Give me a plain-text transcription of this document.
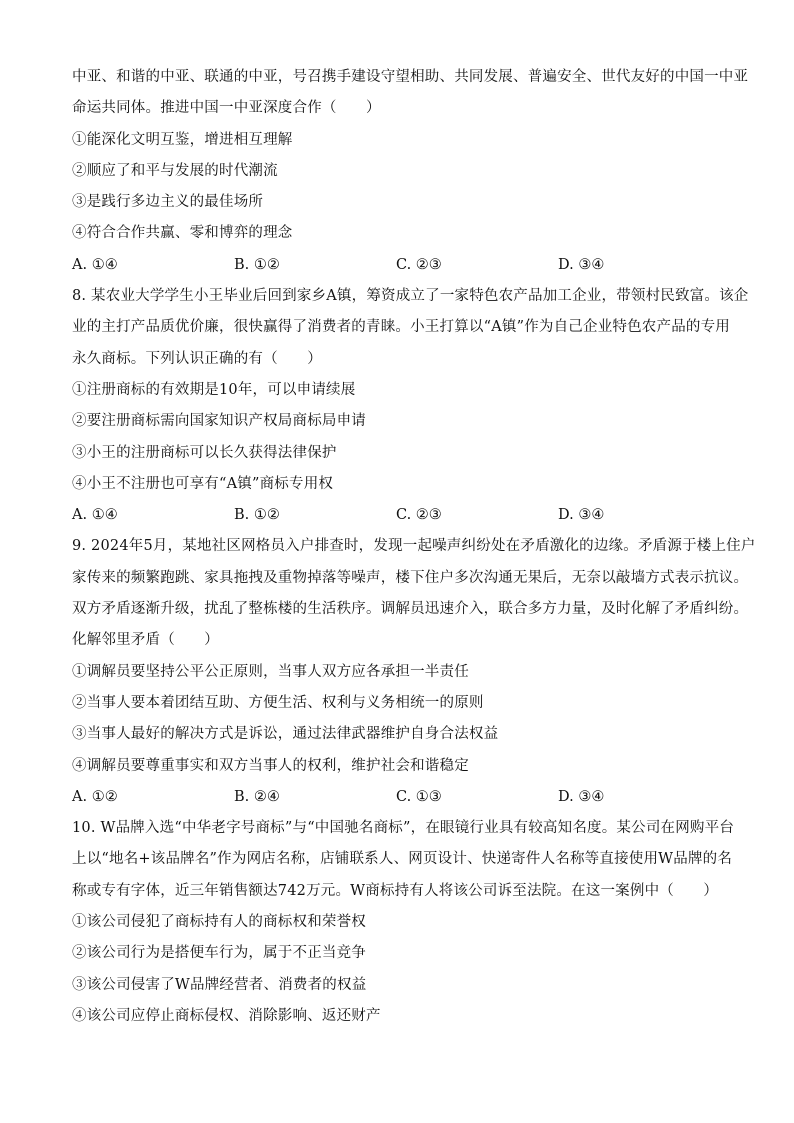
中亚、和谐的中亚、联通的中亚，号召携手建设守望相助、共同发展、普遍安全、世代友好的中国一中亚
命运共同体。推进中国一中亚深度合作（　　）
①能深化文明互鉴，增进相互理解
②顺应了和平与发展的时代潮流
③是践行多边主义的最佳场所
④符合合作共赢、零和博弈的理念
A. ①④	B. ①②	C. ②③	D. ③④
8. 某农业大学学生小王毕业后回到家乡A镇，筹资成立了一家特色农产品加工企业，带领村民致富。该企
业的主打产品质优价廉，很快赢得了消费者的青睐。小王打算以“A镇”作为自己企业特色农产品的专用
永久商标。下列认识正确的有（　　）
①注册商标的有效期是10年，可以申请续展
②要注册商标需向国家知识产权局商标局申请
③小王的注册商标可以长久获得法律保护
④小王不注册也可享有“A镇”商标专用权
A. ①④	B. ①②	C. ②③	D. ③④
9. 2024年5月，某地社区网格员入户排查时，发现一起噪声纠纷处在矛盾激化的边缘。矛盾源于楼上住户
家传来的频繁跑跳、家具拖拽及重物掉落等噪声，楼下住户多次沟通无果后，无奈以敲墙方式表示抗议。
双方矛盾逐渐升级，扰乱了整栋楼的生活秩序。调解员迅速介入，联合多方力量，及时化解了矛盾纠纷。
化解邻里矛盾（　　）
①调解员要坚持公平公正原则，当事人双方应各承担一半责任
②当事人要本着团结互助、方便生活、权利与义务相统一的原则
③当事人最好的解决方式是诉讼，通过法律武器维护自身合法权益
④调解员要尊重事实和双方当事人的权利，维护社会和谐稳定
A. ①②	B. ②④	C. ①③	D. ③④
10. W品牌入选“中华老字号商标”与“中国驰名商标”，在眼镜行业具有较高知名度。某公司在网购平台
上以“地名+该品牌名”作为网店名称，店铺联系人、网页设计、快递寄件人名称等直接使用W品牌的名
称或专有字体，近三年销售额达742万元。W商标持有人将该公司诉至法院。在这一案例中（　　）
①该公司侵犯了商标持有人的商标权和荣誉权
②该公司行为是搭便车行为，属于不正当竞争
③该公司侵害了W品牌经营者、消费者的权益
④该公司应停止商标侵权、消除影响、返还财产
